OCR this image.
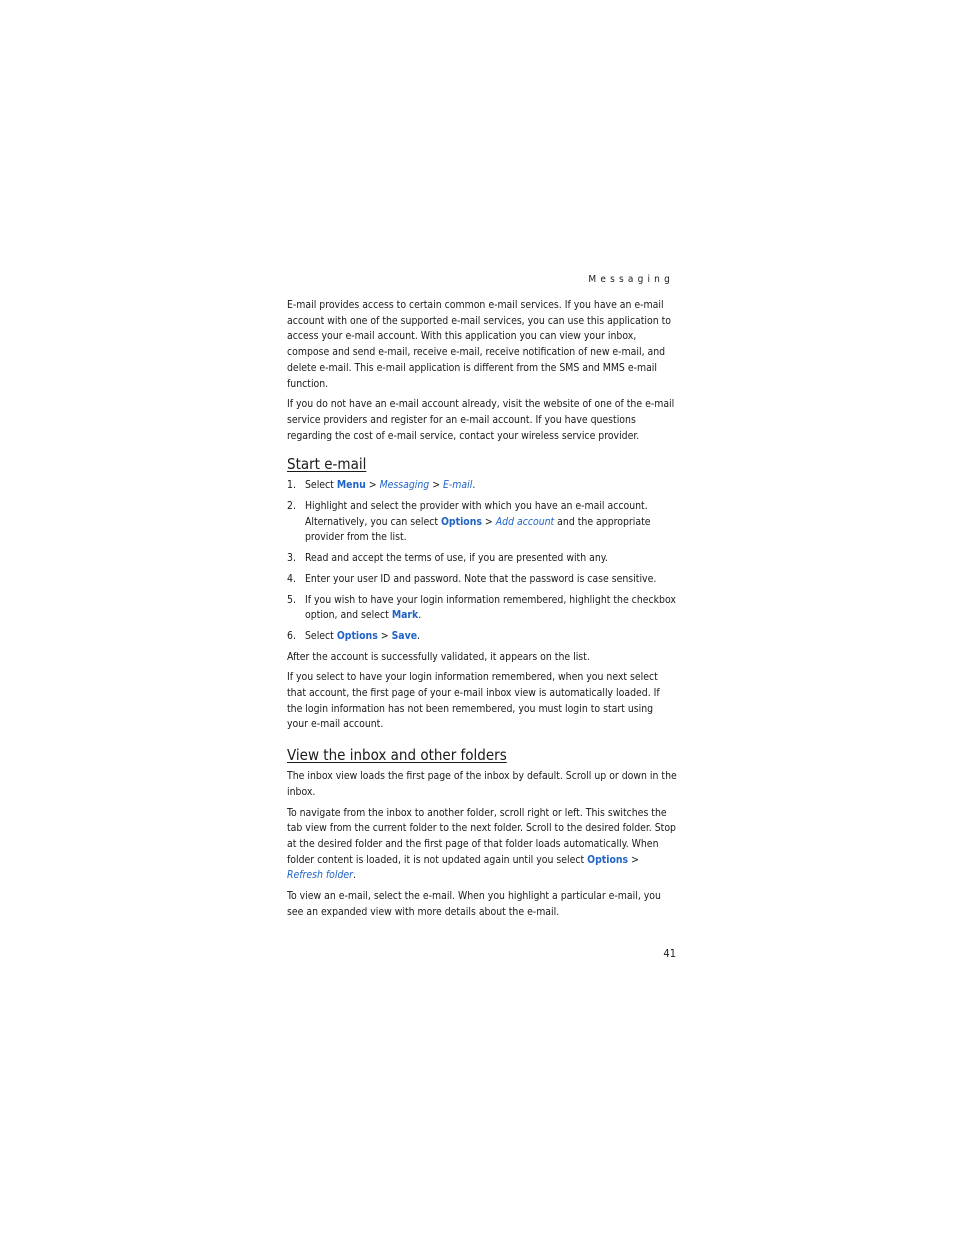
Messaging

E-mail provides access to certain common e-mail services. If you have an e-mail account with one of the supported e-mail services, you can use this application to access your e-mail account. With this application you can view your inbox, compose and send e-mail, receive e-mail, receive notification of new e-mail, and delete e-mail. This e-mail application is different from the SMS and MMS e-mail function.

If you do not have an e-mail account already, visit the website of one of the e-mail service providers and register for an e-mail account. If you have questions regarding the cost of e-mail service, contact your wireless service provider.

Start e-mail
1. Select Menu > Messaging > E-mail.
2. Highlight and select the provider with which you have an e-mail account. Alternatively, you can select Options > Add account and the appropriate provider from the list.
3. Read and accept the terms of use, if you are presented with any.
4. Enter your user ID and password. Note that the password is case sensitive.
5. If you wish to have your login information remembered, highlight the checkbox option, and select Mark.
6. Select Options > Save.

After the account is successfully validated, it appears on the list.

If you select to have your login information remembered, when you next select that account, the first page of your e-mail inbox view is automatically loaded. If the login information has not been remembered, you must login to start using your e-mail account.

View the inbox and other folders

The inbox view loads the first page of the inbox by default. Scroll up or down in the inbox.

To navigate from the inbox to another folder, scroll right or left. This switches the tab view from the current folder to the next folder. Scroll to the desired folder. Stop at the desired folder and the first page of that folder loads automatically. When folder content is loaded, it is not updated again until you select Options > Refresh folder.

To view an e-mail, select the e-mail. When you highlight a particular e-mail, you see an expanded view with more details about the e-mail.

41
